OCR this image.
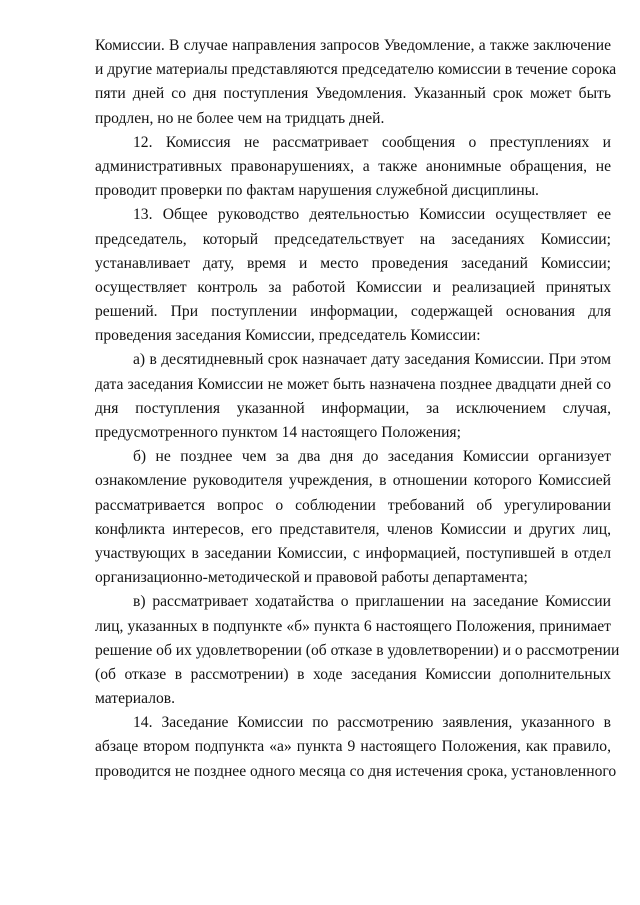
Комиссии. В случае направления запросов Уведомление, а также заключение
и другие материалы представляются председателю комиссии в течение сорока
пяти дней со дня поступления Уведомления. Указанный срок может быть
продлен, но не более чем на тридцать дней.
12. Комиссия не рассматривает сообщения о преступлениях и
административных правонарушениях, а также анонимные обращения, не
проводит проверки по фактам нарушения служебной дисциплины.
13. Общее руководство деятельностью Комиссии осуществляет ее
председатель, который председательствует на заседаниях Комиссии;
устанавливает дату, время и место проведения заседаний Комиссии;
осуществляет контроль за работой Комиссии и реализацией принятых
решений. При поступлении информации, содержащей основания для
проведения заседания Комиссии, председатель Комиссии:
а) в десятидневный срок назначает дату заседания Комиссии. При этом
дата заседания Комиссии не может быть назначена позднее двадцати дней со
дня поступления указанной информации, за исключением случая,
предусмотренного пунктом 14 настоящего Положения;
б) не позднее чем за два дня до заседания Комиссии организует
ознакомление руководителя учреждения, в отношении которого Комиссией
рассматривается вопрос о соблюдении требований об урегулировании
конфликта интересов, его представителя, членов Комиссии и других лиц,
участвующих в заседании Комиссии, с информацией, поступившей в отдел
организационно-методической и правовой работы департамента;
в) рассматривает ходатайства о приглашении на заседание Комиссии
лиц, указанных в подпункте «б» пункта 6 настоящего Положения, принимает
решение об их удовлетворении (об отказе в удовлетворении) и о рассмотрении
(об отказе в рассмотрении) в ходе заседания Комиссии дополнительных
материалов.
14. Заседание Комиссии по рассмотрению заявления, указанного в
абзаце втором подпункта «а» пункта 9 настоящего Положения, как правило,
проводится не позднее одного месяца со дня истечения срока, установленного
